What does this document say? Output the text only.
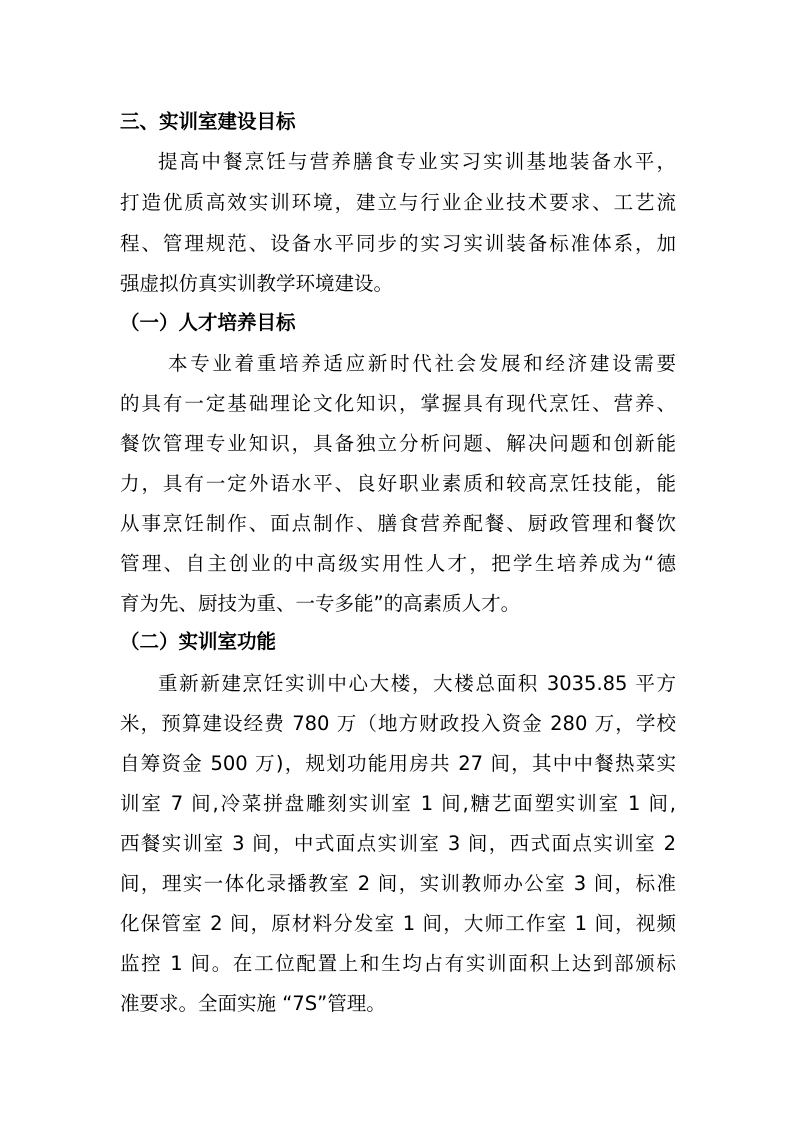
三、实训室建设目标
提高中餐烹饪与营养膳食专业实习实训基地装备水平，
打造优质高效实训环境，建立与行业企业技术要求、工艺流
程、管理规范、设备水平同步的实习实训装备标准体系，加
强虚拟仿真实训教学环境建设。
（一）人才培养目标
本专业着重培养适应新时代社会发展和经济建设需要
的具有一定基础理论文化知识，掌握具有现代烹饪、营养、
餐饮管理专业知识，具备独立分析问题、解决问题和创新能
力，具有一定外语水平、良好职业素质和较高烹饪技能，能
从事烹饪制作、面点制作、膳食营养配餐、厨政管理和餐饮
管理、自主创业的中高级实用性人才，把学生培养成为“德
育为先、厨技为重、一专多能”的高素质人才。
（二）实训室功能
重新新建烹饪实训中心大楼，大楼总面积 3035.85 平方
米，预算建设经费 780 万（地方财政投入资金 280 万，学校
自筹资金 500 万)，规划功能用房共 27 间，其中中餐热菜实
训室 7 间,冷菜拼盘雕刻实训室 1 间,糖艺面塑实训室 1 间,
西餐实训室 3 间，中式面点实训室 3 间，西式面点实训室 2
间，理实一体化录播教室 2 间，实训教师办公室 3 间，标准
化保管室 2 间，原材料分发室 1 间，大师工作室 1 间，视频
监控 1 间。在工位配置上和生均占有实训面积上达到部颁标
准要求。全面实施 “7S”管理。
